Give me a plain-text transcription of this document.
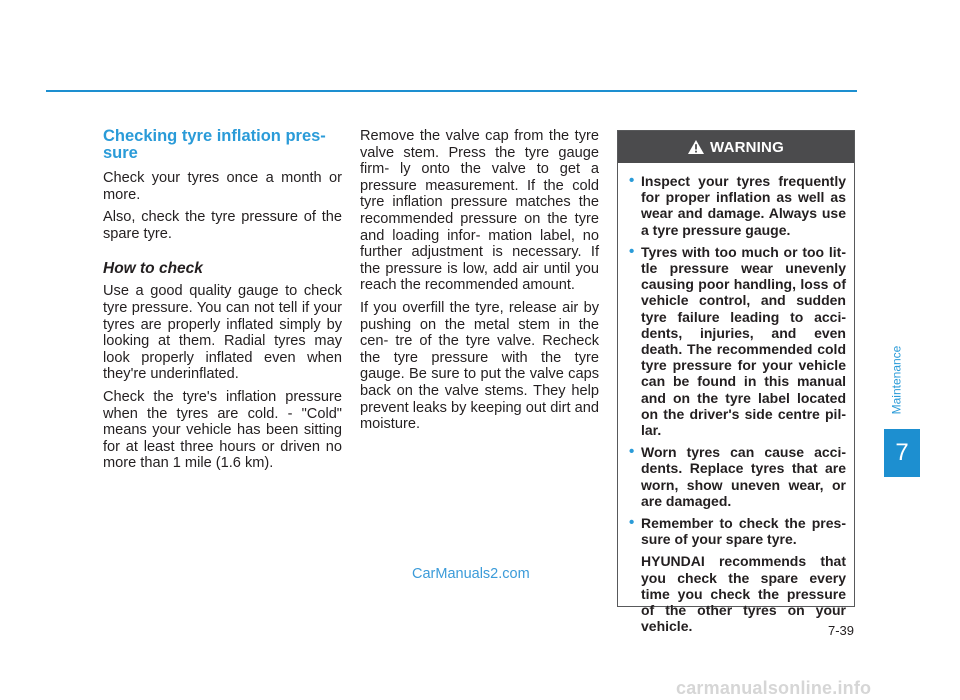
Checking tyre inflation pres- sure

Check your tyres once a month or more.

Also, check the tyre pressure of the spare tyre.

How to check

Use a good quality gauge to check tyre pressure. You can not tell if your tyres are properly inflated simply by looking at them. Radial tyres may look properly inflated even when they're underinflated.

Check the tyre's inflation pressure when the tyres are cold. - "Cold" means your vehicle has been sitting for at least three hours or driven no more than 1 mile (1.6 km).

Remove the valve cap from the tyre valve stem. Press the tyre gauge firm- ly onto the valve to get a pressure measurement. If the cold tyre inflation pressure matches the recommended pressure on the tyre and loading infor- mation label, no further adjustment is necessary. If the pressure is low, add air until you reach the recommended amount.

If you overfill the tyre, release air by pushing on the metal stem in the cen- tre of the tyre valve. Recheck the tyre pressure with the tyre gauge. Be sure to put the valve caps back on the valve stems. They help prevent leaks by keeping out dirt and moisture.

WARNING
• Inspect your tyres frequently for proper inflation as well as wear and damage. Always use a tyre pressure gauge.
• Tyres with too much or too lit- tle pressure wear unevenly causing poor handling, loss of vehicle control, and sudden tyre failure leading to acci- dents, injuries, and even death. The recommended cold tyre pressure for your vehicle can be found in this manual and on the tyre label located on the driver's side centre pil- lar.
• Worn tyres can cause acci- dents. Replace tyres that are worn, show uneven wear, or are damaged.
• Remember to check the pres- sure of your spare tyre.

HYUNDAI recommends that you check the spare every time you check the pressure of the other tyres on your vehicle.

Maintenance
7
7-39
CarManuals2.com
carmanualsonline.info
